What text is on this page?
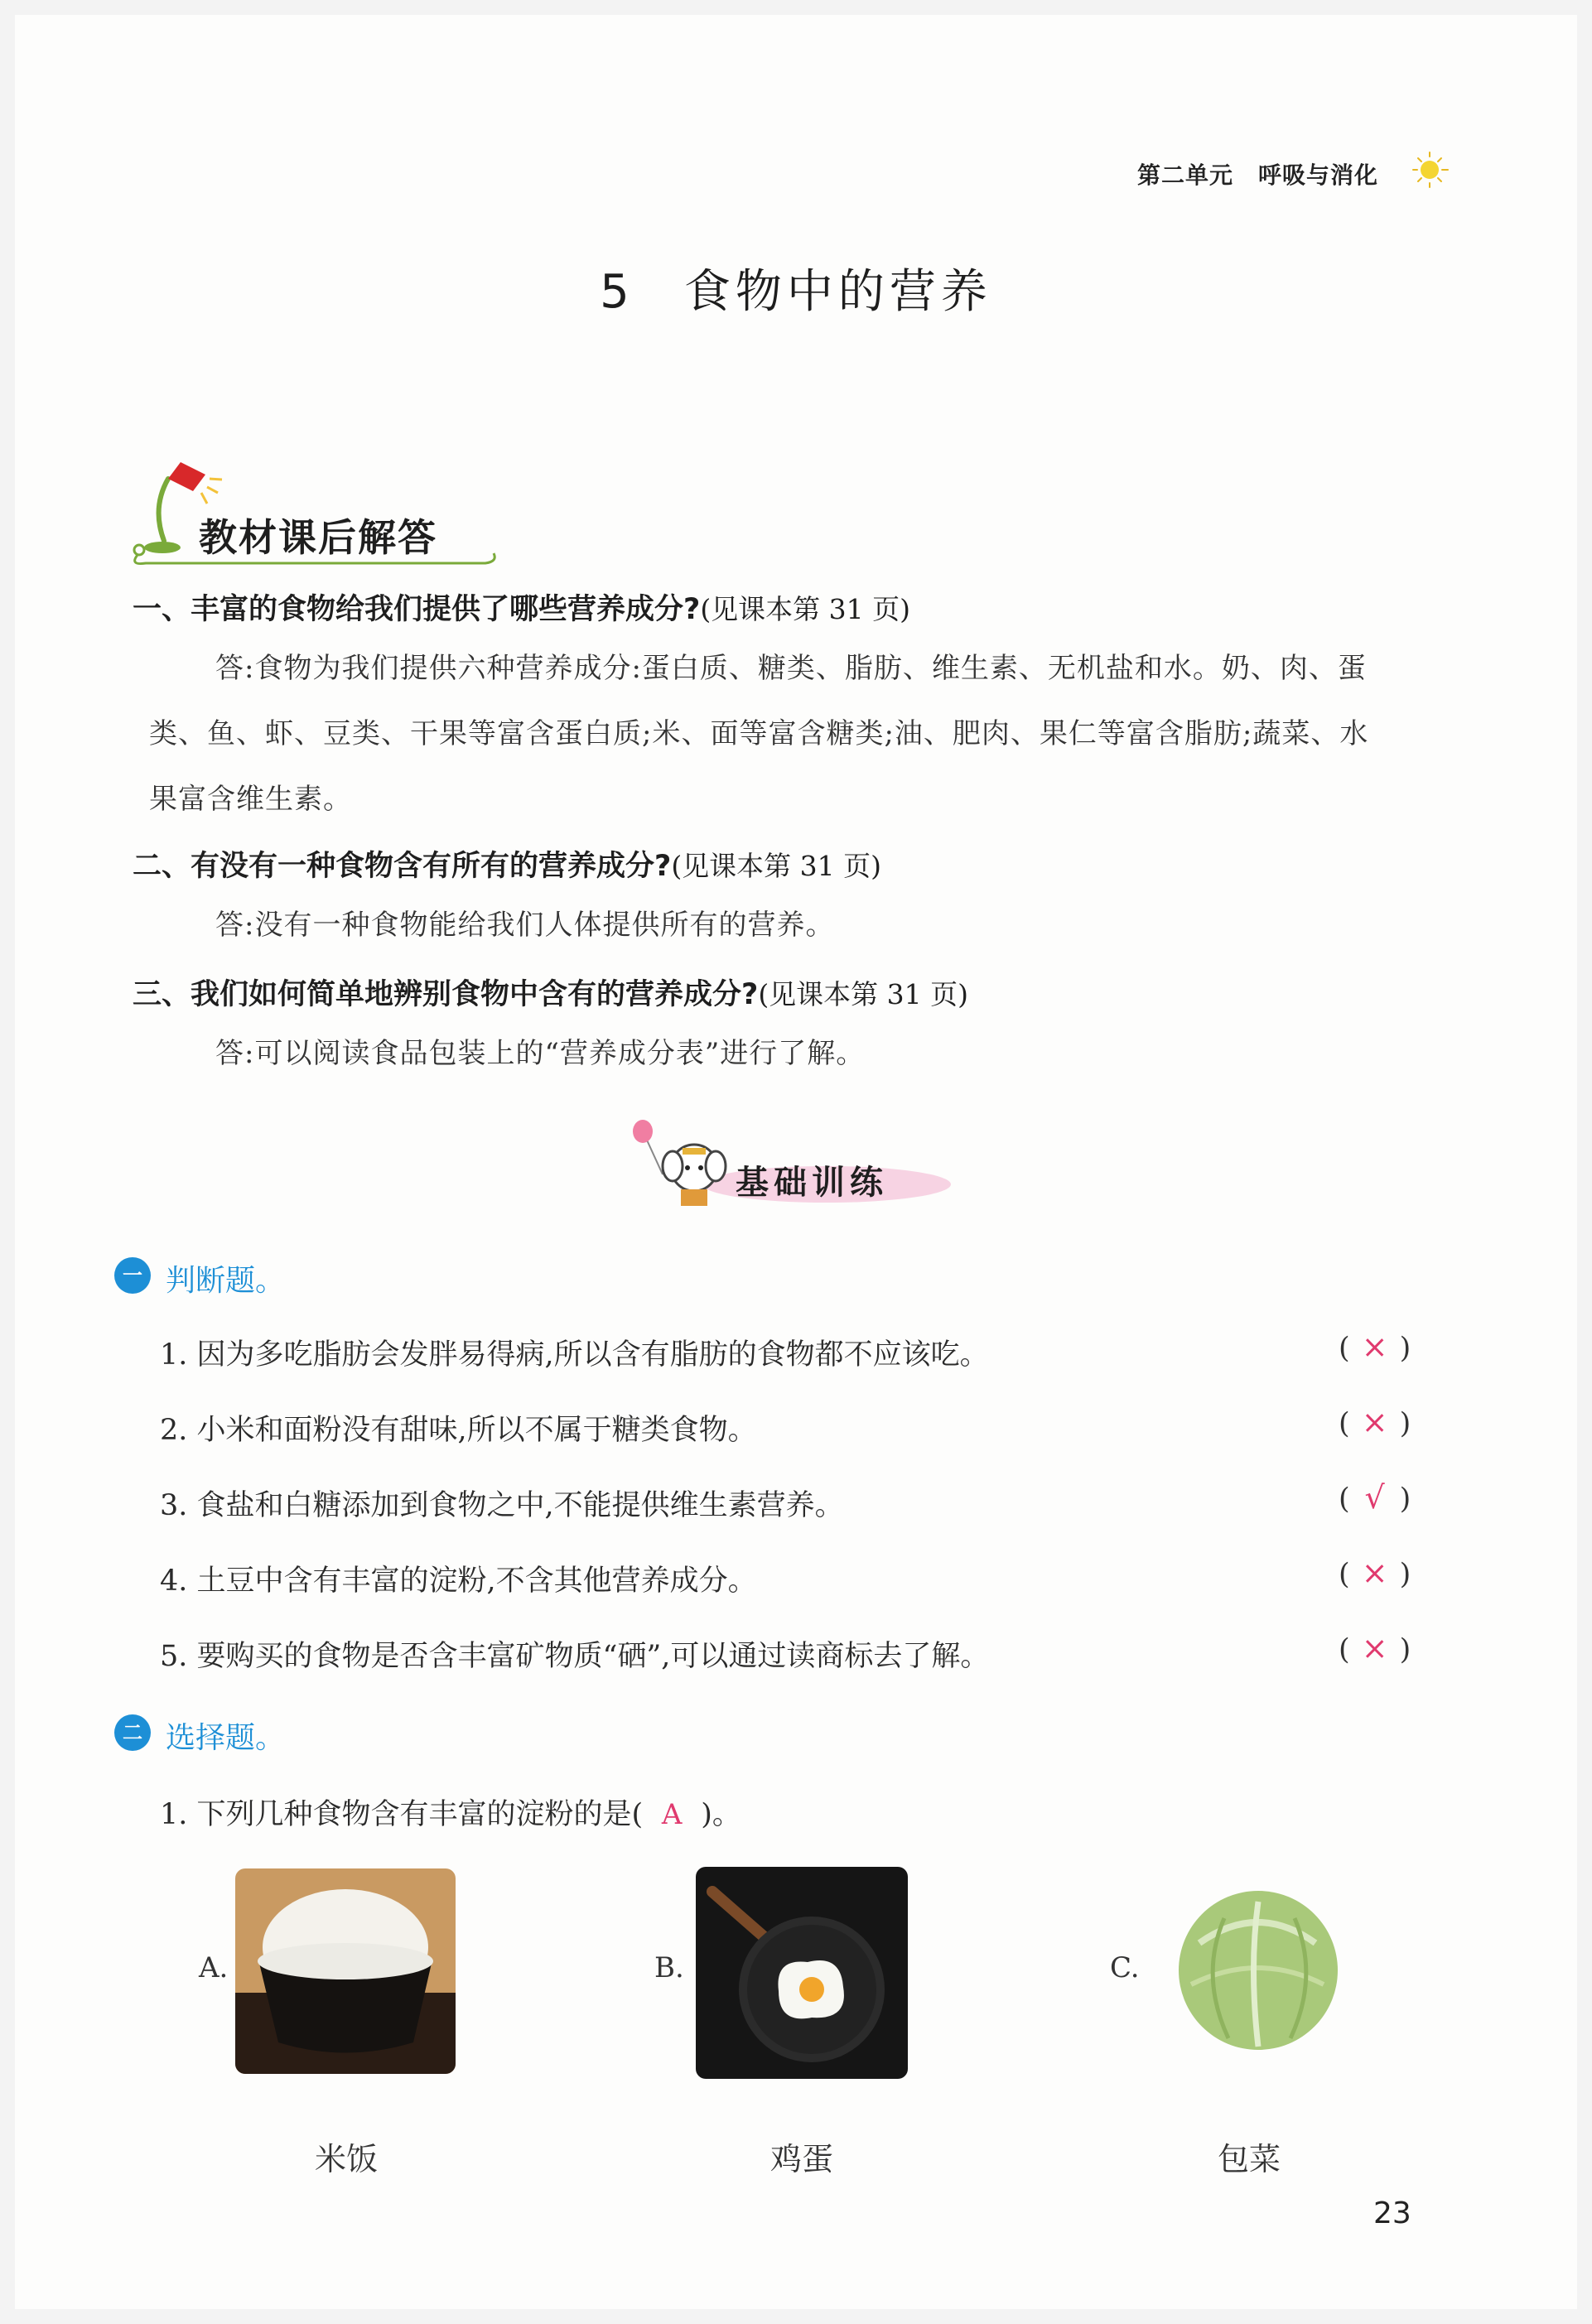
第二单元 呼吸与消化
5 食物中的营养
教材课后解答
一、丰富的食物给我们提供了哪些营养成分?(见课本第 31 页)
答:食物为我们提供六种营养成分:蛋白质、糖类、脂肪、维生素、无机盐和水。奶、肉、蛋
类、鱼、虾、豆类、干果等富含蛋白质;米、面等富含糖类;油、肥肉、果仁等富含脂肪;蔬菜、水
果富含维生素。
二、有没有一种食物含有所有的营养成分?(见课本第 31 页)
答:没有一种食物能给我们人体提供所有的营养。
三、我们如何简单地辨别食物中含有的营养成分?(见课本第 31 页)
答:可以阅读食品包装上的“营养成分表”进行了解。
基础训练
一 判断题。
1. 因为多吃脂肪会发胖易得病,所以含有脂肪的食物都不应该吃。	( × )
2. 小米和面粉没有甜味,所以不属于糖类食物。	( × )
3. 食盐和白糖添加到食物之中,不能提供维生素营养。	( √ )
4. 土豆中含有丰富的淀粉,不含其他营养成分。	( × )
5. 要购买的食物是否含丰富矿物质“硒”,可以通过读商标去了解。	( × )
二 选择题。
1. 下列几种食物含有丰富的淀粉的是( A )。
A.	B.	C.
米饭	鸡蛋	包菜
23
